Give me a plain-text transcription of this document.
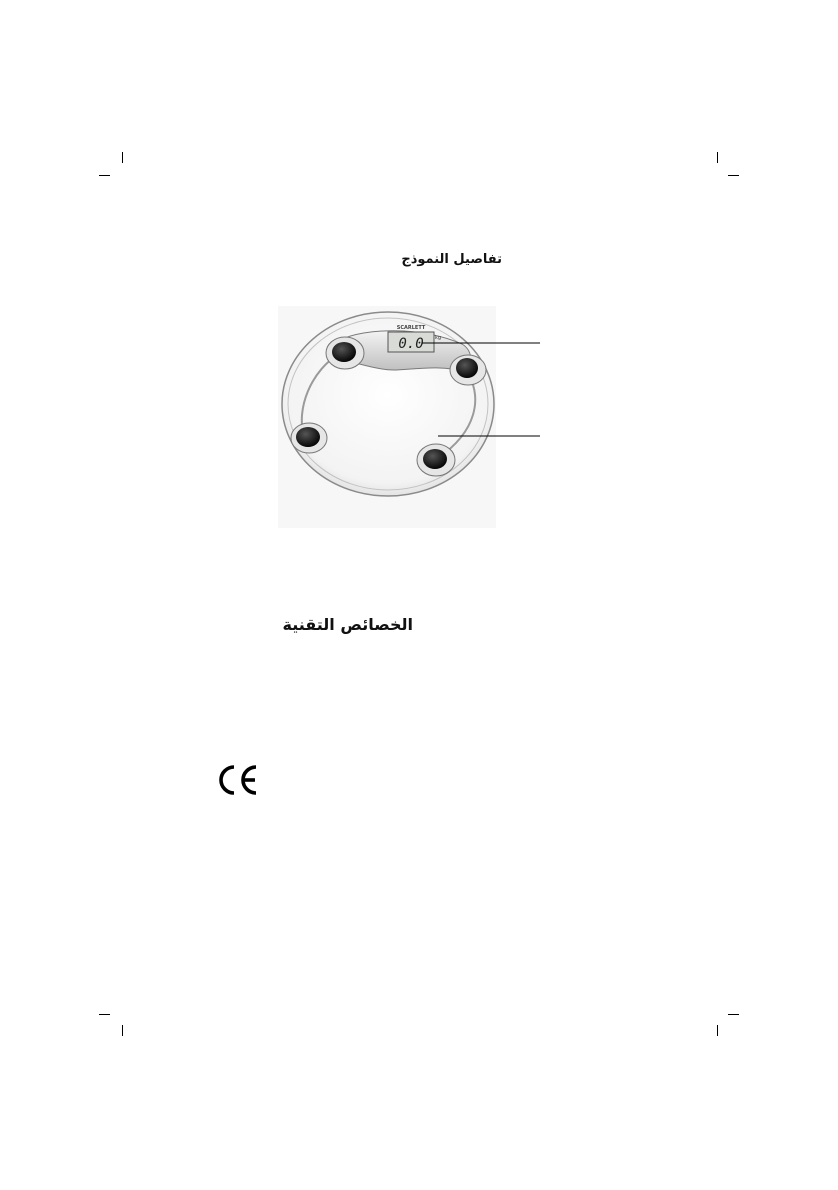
تفاصيل النموذج
0.0 kg
SCARLETT
الخصائص التقنية
